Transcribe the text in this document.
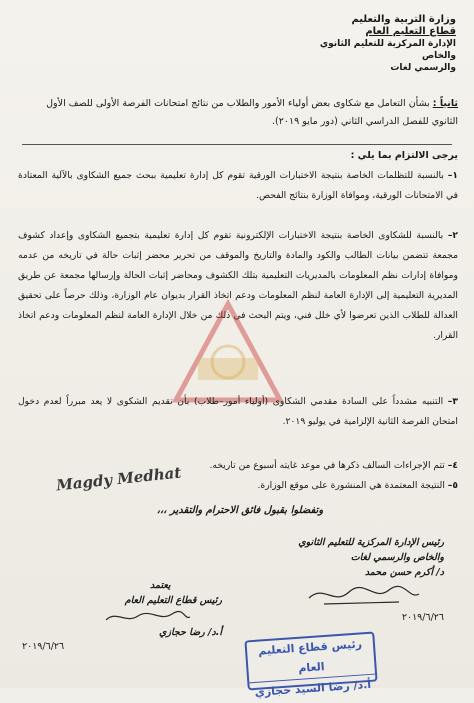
وزارة التربية والتعليم
قطاع التعليم العام
الإدارة المركزية للتعليم الثانوي والخاص
والرسمي لغات
ثانياً : بشأن التعامل مع شكاوى بعض أولياء الأمور والطلاب من نتائج امتحانات الفرصة الأولى للصف الأول الثانوي للفصل الدراسي الثاني (دور مايو ٢٠١٩).
يرجى الالتزام بما يلي :
١– بالنسبة للتظلمات الخاصة بنتيجة الاختبارات الورقية تقوم كل إدارة تعليمية ببحث جميع الشكاوى بالآلية المعتادة في الامتحانات الورقية، وموافاة الوزارة بنتائج الفحص.
٢– بالنسبة للشكاوى الخاصة بنتيجة الاختبارات الإلكترونية تقوم كل إدارة تعليمية بتجميع الشكاوى وإعداد كشوف مجمعة تتضمن بيانات الطالب والكود والمادة والتاريخ والموقف من تحرير محضر إثبات حالة في تاريخه من عدمه وموافاة إدارات نظم المعلومات بالمديريات التعليمية بتلك الكشوف ومحاضر إثبات الحالة وإرسالها مجمعة عن طريق المديرية التعليمية إلى الإدارة العامة لنظم المعلومات ودعم اتخاذ القرار بديوان عام الوزارة، وذلك حرصاً على تحقيق العدالة للطلاب الذين تعرضوا لأي خلل فني، ويتم البحث في ذلك من خلال الإدارة العامة لنظم المعلومات ودعم اتخاذ القرار.
٣– التنبيه مشدداً على السادة مقدمي الشكاوى (أولياء أمور–طلاب) بأن تقديم الشكوى لا يعد مبرراً لعدم دخول امتحان الفرصة الثانية الإلزامية في يوليو ٢٠١٩.
٤– تتم الإجراءات السالف ذكرها في موعد غايته أسبوع من تاريخه.
٥– النتيجة المعتمدة هي المنشورة على موقع الوزارة.
Magdy Medhat
وتفضلوا بقبول فائق الاحترام والتقدير ،،،
رئيس الإدارة المركزية للتعليم الثانوي
والخاص والرسمي لغات
د/ أكرم حسن محمد
٢٠١٩/٦/٢٦
يعتمد
رئيس قطاع التعليم العام
أ.د/ رضا حجازي
٢٠١٩/٦/٢٦	رئيس قطاع التعليم العام
أ.د/ رضا السيد حجازي
